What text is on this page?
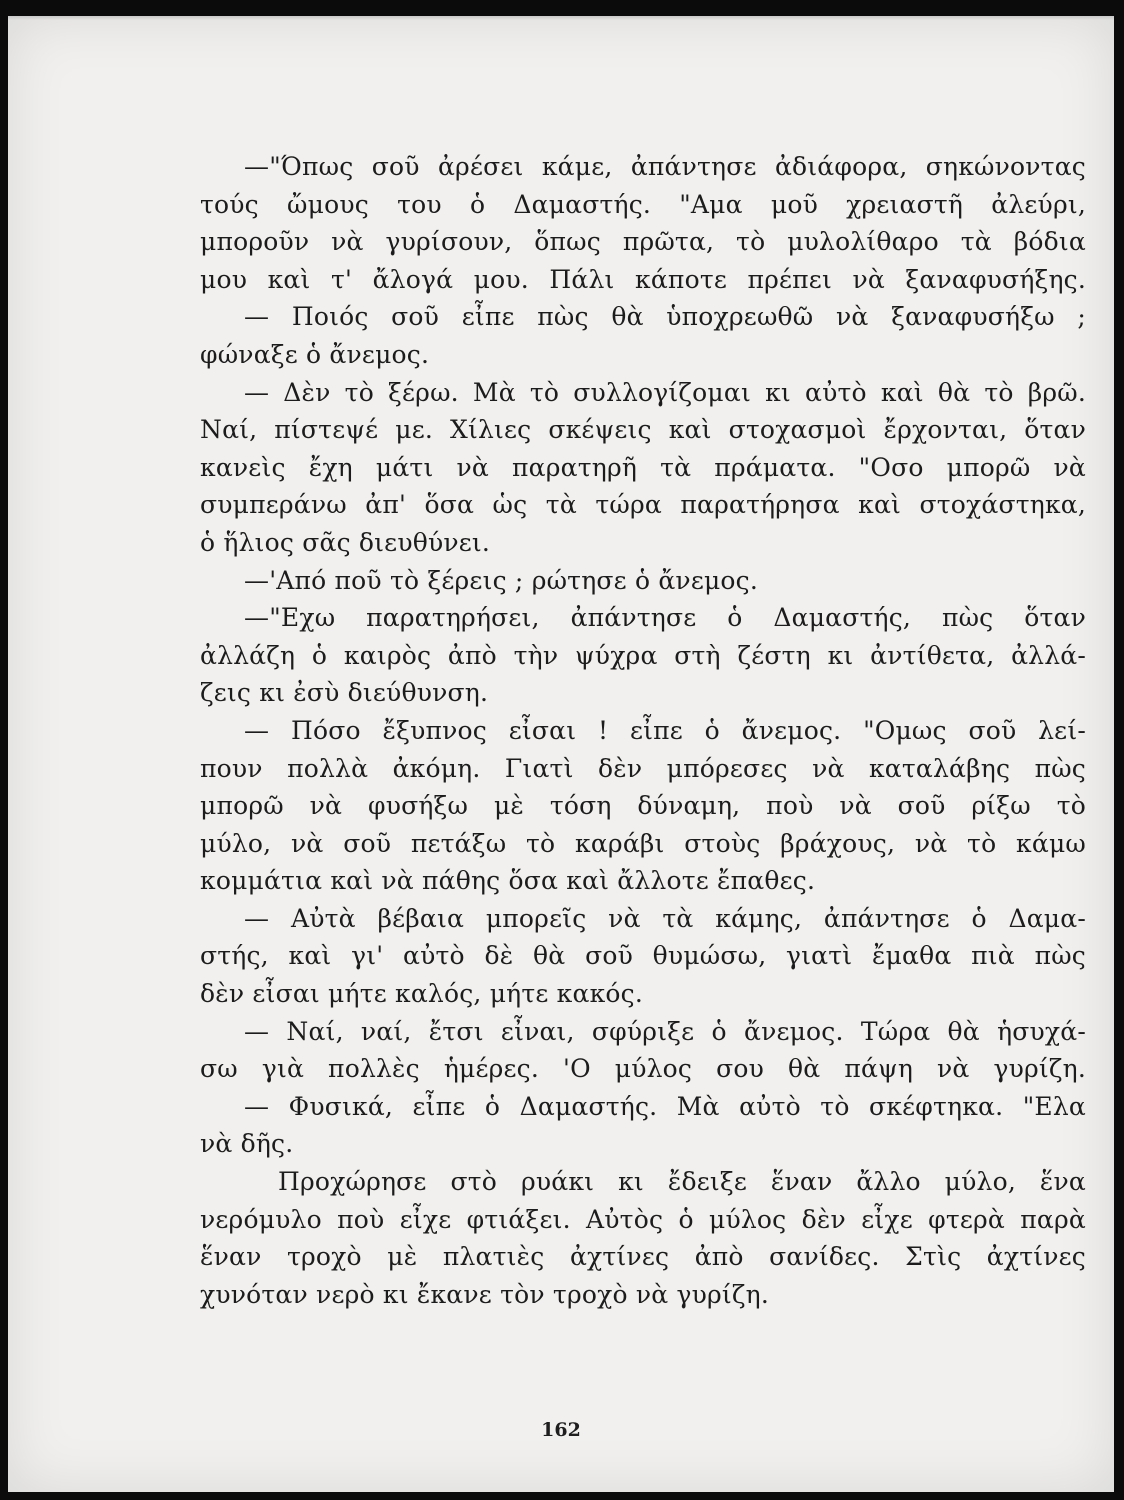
—"Όπως σοῦ ἀρέσει κάμε, ἀπάντησε ἀδιάφορα, σηκώνοντας
τούς ὤμους του ὁ Δαμαστής. "Αμα μοῦ χρειαστῆ ἀλεύρι,
μποροῦν νὰ γυρίσουν, ὅπως πρῶτα, τὸ μυλολίθαρο τὰ βόδια
μου καὶ τ' ἄλογά μου. Πάλι κάποτε πρέπει νὰ ξαναφυσήξης.
— Ποιός σοῦ εἶπε πὼς θὰ ὑποχρεωθῶ νὰ ξαναφυσήξω ;
φώναξε ὁ ἄνεμος.
— Δὲν τὸ ξέρω. Μὰ τὸ συλλογίζομαι κι αὐτὸ καὶ θὰ τὸ βρῶ.
Ναί, πίστεψέ με. Χίλιες σκέψεις καὶ στοχασμοὶ ἔρχονται, ὅταν
κανεὶς ἔχη μάτι νὰ παρατηρῆ τὰ πράματα. "Οσο μπορῶ νὰ
συμπεράνω ἀπ' ὅσα ὡς τὰ τώρα παρατήρησα καὶ στοχάστηκα,
ὁ ἥλιος σᾶς διευθύνει.
—'Από ποῦ τὸ ξέρεις ; ρώτησε ὁ ἄνεμος.
—"Εχω παρατηρήσει, ἀπάντησε ὁ Δαμαστής, πὼς ὅταν
ἀλλάζη ὁ καιρὸς ἀπὸ τὴν ψύχρα στὴ ζέστη κι ἀντίθετα, ἀλλά-
ζεις κι ἐσὺ διεύθυνση.
— Πόσο ἔξυπνος εἶσαι ! εἶπε ὁ ἄνεμος. "Ομως σοῦ λεί-
πουν πολλὰ ἀκόμη. Γιατὶ δὲν μπόρεσες νὰ καταλάβης πὼς
μπορῶ νὰ φυσήξω μὲ τόση δύναμη, ποὺ νὰ σοῦ ρίξω τὸ
μύλο, νὰ σοῦ πετάξω τὸ καράβι στοὺς βράχους, νὰ τὸ κάμω
κομμάτια καὶ νὰ πάθης ὅσα καὶ ἄλλοτε ἔπαθες.
— Αὐτὰ βέβαια μπορεῖς νὰ τὰ κάμης, ἀπάντησε ὁ Δαμα-
στής, καὶ γι' αὐτὸ δὲ θὰ σοῦ θυμώσω, γιατὶ ἔμαθα πιὰ πὼς
δὲν εἶσαι μήτε καλός, μήτε κακός.
— Ναί, ναί, ἔτσι εἶναι, σφύριξε ὁ ἄνεμος. Τώρα θὰ ἡσυχά-
σω γιὰ πολλὲς ἡμέρες. 'Ο μύλος σου θὰ πάψη νὰ γυρίζη.
— Φυσικά, εἶπε ὁ Δαμαστής. Μὰ αὐτὸ τὸ σκέφτηκα. "Ελα
νὰ δῆς.
Προχώρησε στὸ ρυάκι κι ἔδειξε ἕναν ἄλλο μύλο, ἕνα
νερόμυλο ποὺ εἶχε φτιάξει. Αὐτὸς ὁ μύλος δὲν εἶχε φτερὰ παρὰ
ἕναν τροχὸ μὲ πλατιὲς ἀχτίνες ἀπὸ σανίδες. Στὶς ἀχτίνες
χυνόταν νερὸ κι ἔκανε τὸν τροχὸ νὰ γυρίζη.
162
